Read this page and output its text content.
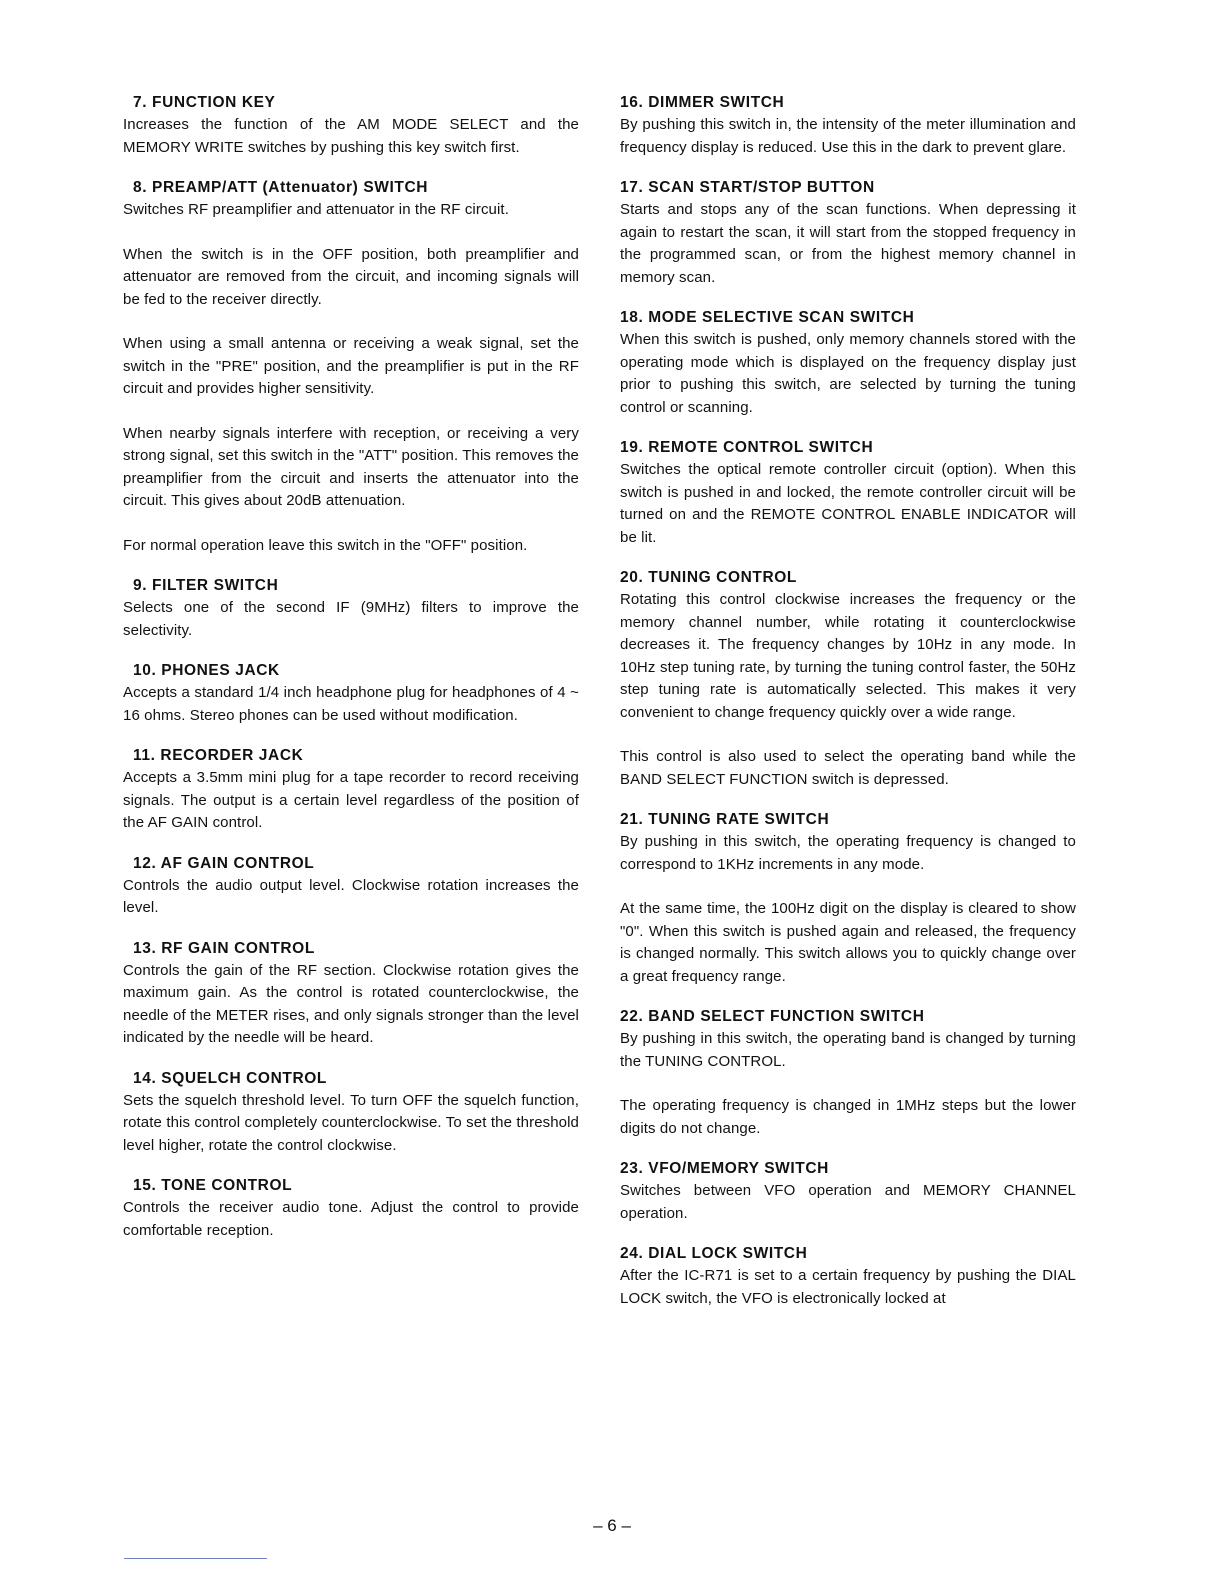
7. FUNCTION KEY

Increases the function of the AM MODE SELECT and the MEMORY WRITE switches by pushing this key switch first.

8. PREAMP/ATT (Attenuator) SWITCH

Switches RF preamplifier and attenuator in the RF circuit.

When the switch is in the OFF position, both preamplifier and attenuator are removed from the circuit, and incoming signals will be fed to the receiver directly.

When using a small antenna or receiving a weak signal, set the switch in the "PRE" position, and the preamplifier is put in the RF circuit and provides higher sensitivity.

When nearby signals interfere with reception, or receiving a very strong signal, set this switch in the "ATT" position. This removes the preamplifier from the circuit and inserts the attenuator into the circuit. This gives about 20dB attenuation.

For normal operation leave this switch in the "OFF" position.

9. FILTER SWITCH

Selects one of the second IF (9MHz) filters to improve the selectivity.

10. PHONES JACK

Accepts a standard 1/4 inch headphone plug for headphones of 4 ~ 16 ohms. Stereo phones can be used without modification.

11. RECORDER JACK

Accepts a 3.5mm mini plug for a tape recorder to record receiving signals. The output is a certain level regardless of the position of the AF GAIN control.

12. AF GAIN CONTROL

Controls the audio output level. Clockwise rotation increases the level.

13. RF GAIN CONTROL

Controls the gain of the RF section. Clockwise rotation gives the maximum gain. As the control is rotated counterclockwise, the needle of the METER rises, and only signals stronger than the level indicated by the needle will be heard.

14. SQUELCH CONTROL

Sets the squelch threshold level. To turn OFF the squelch function, rotate this control completely counterclockwise. To set the threshold level higher, rotate the control clockwise.

15. TONE CONTROL

Controls the receiver audio tone. Adjust the control to provide comfortable reception.

16. DIMMER SWITCH

By pushing this switch in, the intensity of the meter illumination and frequency display is reduced. Use this in the dark to prevent glare.

17. SCAN START/STOP BUTTON

Starts and stops any of the scan functions. When depressing it again to restart the scan, it will start from the stopped frequency in the programmed scan, or from the highest memory channel in memory scan.

18. MODE SELECTIVE SCAN SWITCH

When this switch is pushed, only memory channels stored with the operating mode which is displayed on the frequency display just prior to pushing this switch, are selected by turning the tuning control or scanning.

19. REMOTE CONTROL SWITCH

Switches the optical remote controller circuit (option). When this switch is pushed in and locked, the remote controller circuit will be turned on and the REMOTE CONTROL ENABLE INDICATOR will be lit.

20. TUNING CONTROL

Rotating this control clockwise increases the frequency or the memory channel number, while rotating it counterclockwise decreases it. The frequency changes by 10Hz in any mode. In 10Hz step tuning rate, by turning the tuning control faster, the 50Hz step tuning rate is automatically selected. This makes it very convenient to change frequency quickly over a wide range.

This control is also used to select the operating band while the BAND SELECT FUNCTION switch is depressed.

21. TUNING RATE SWITCH

By pushing in this switch, the operating frequency is changed to correspond to 1KHz increments in any mode.

At the same time, the 100Hz digit on the display is cleared to show "0". When this switch is pushed again and released, the frequency is changed normally. This switch allows you to quickly change over a great frequency range.

22. BAND SELECT FUNCTION SWITCH

By pushing in this switch, the operating band is changed by turning the TUNING CONTROL.

The operating frequency is changed in 1MHz steps but the lower digits do not change.

23. VFO/MEMORY SWITCH

Switches between VFO operation and MEMORY CHANNEL operation.

24. DIAL LOCK SWITCH

After the IC-R71 is set to a certain frequency by pushing the DIAL LOCK switch, the VFO is electronically locked at

– 6 –
